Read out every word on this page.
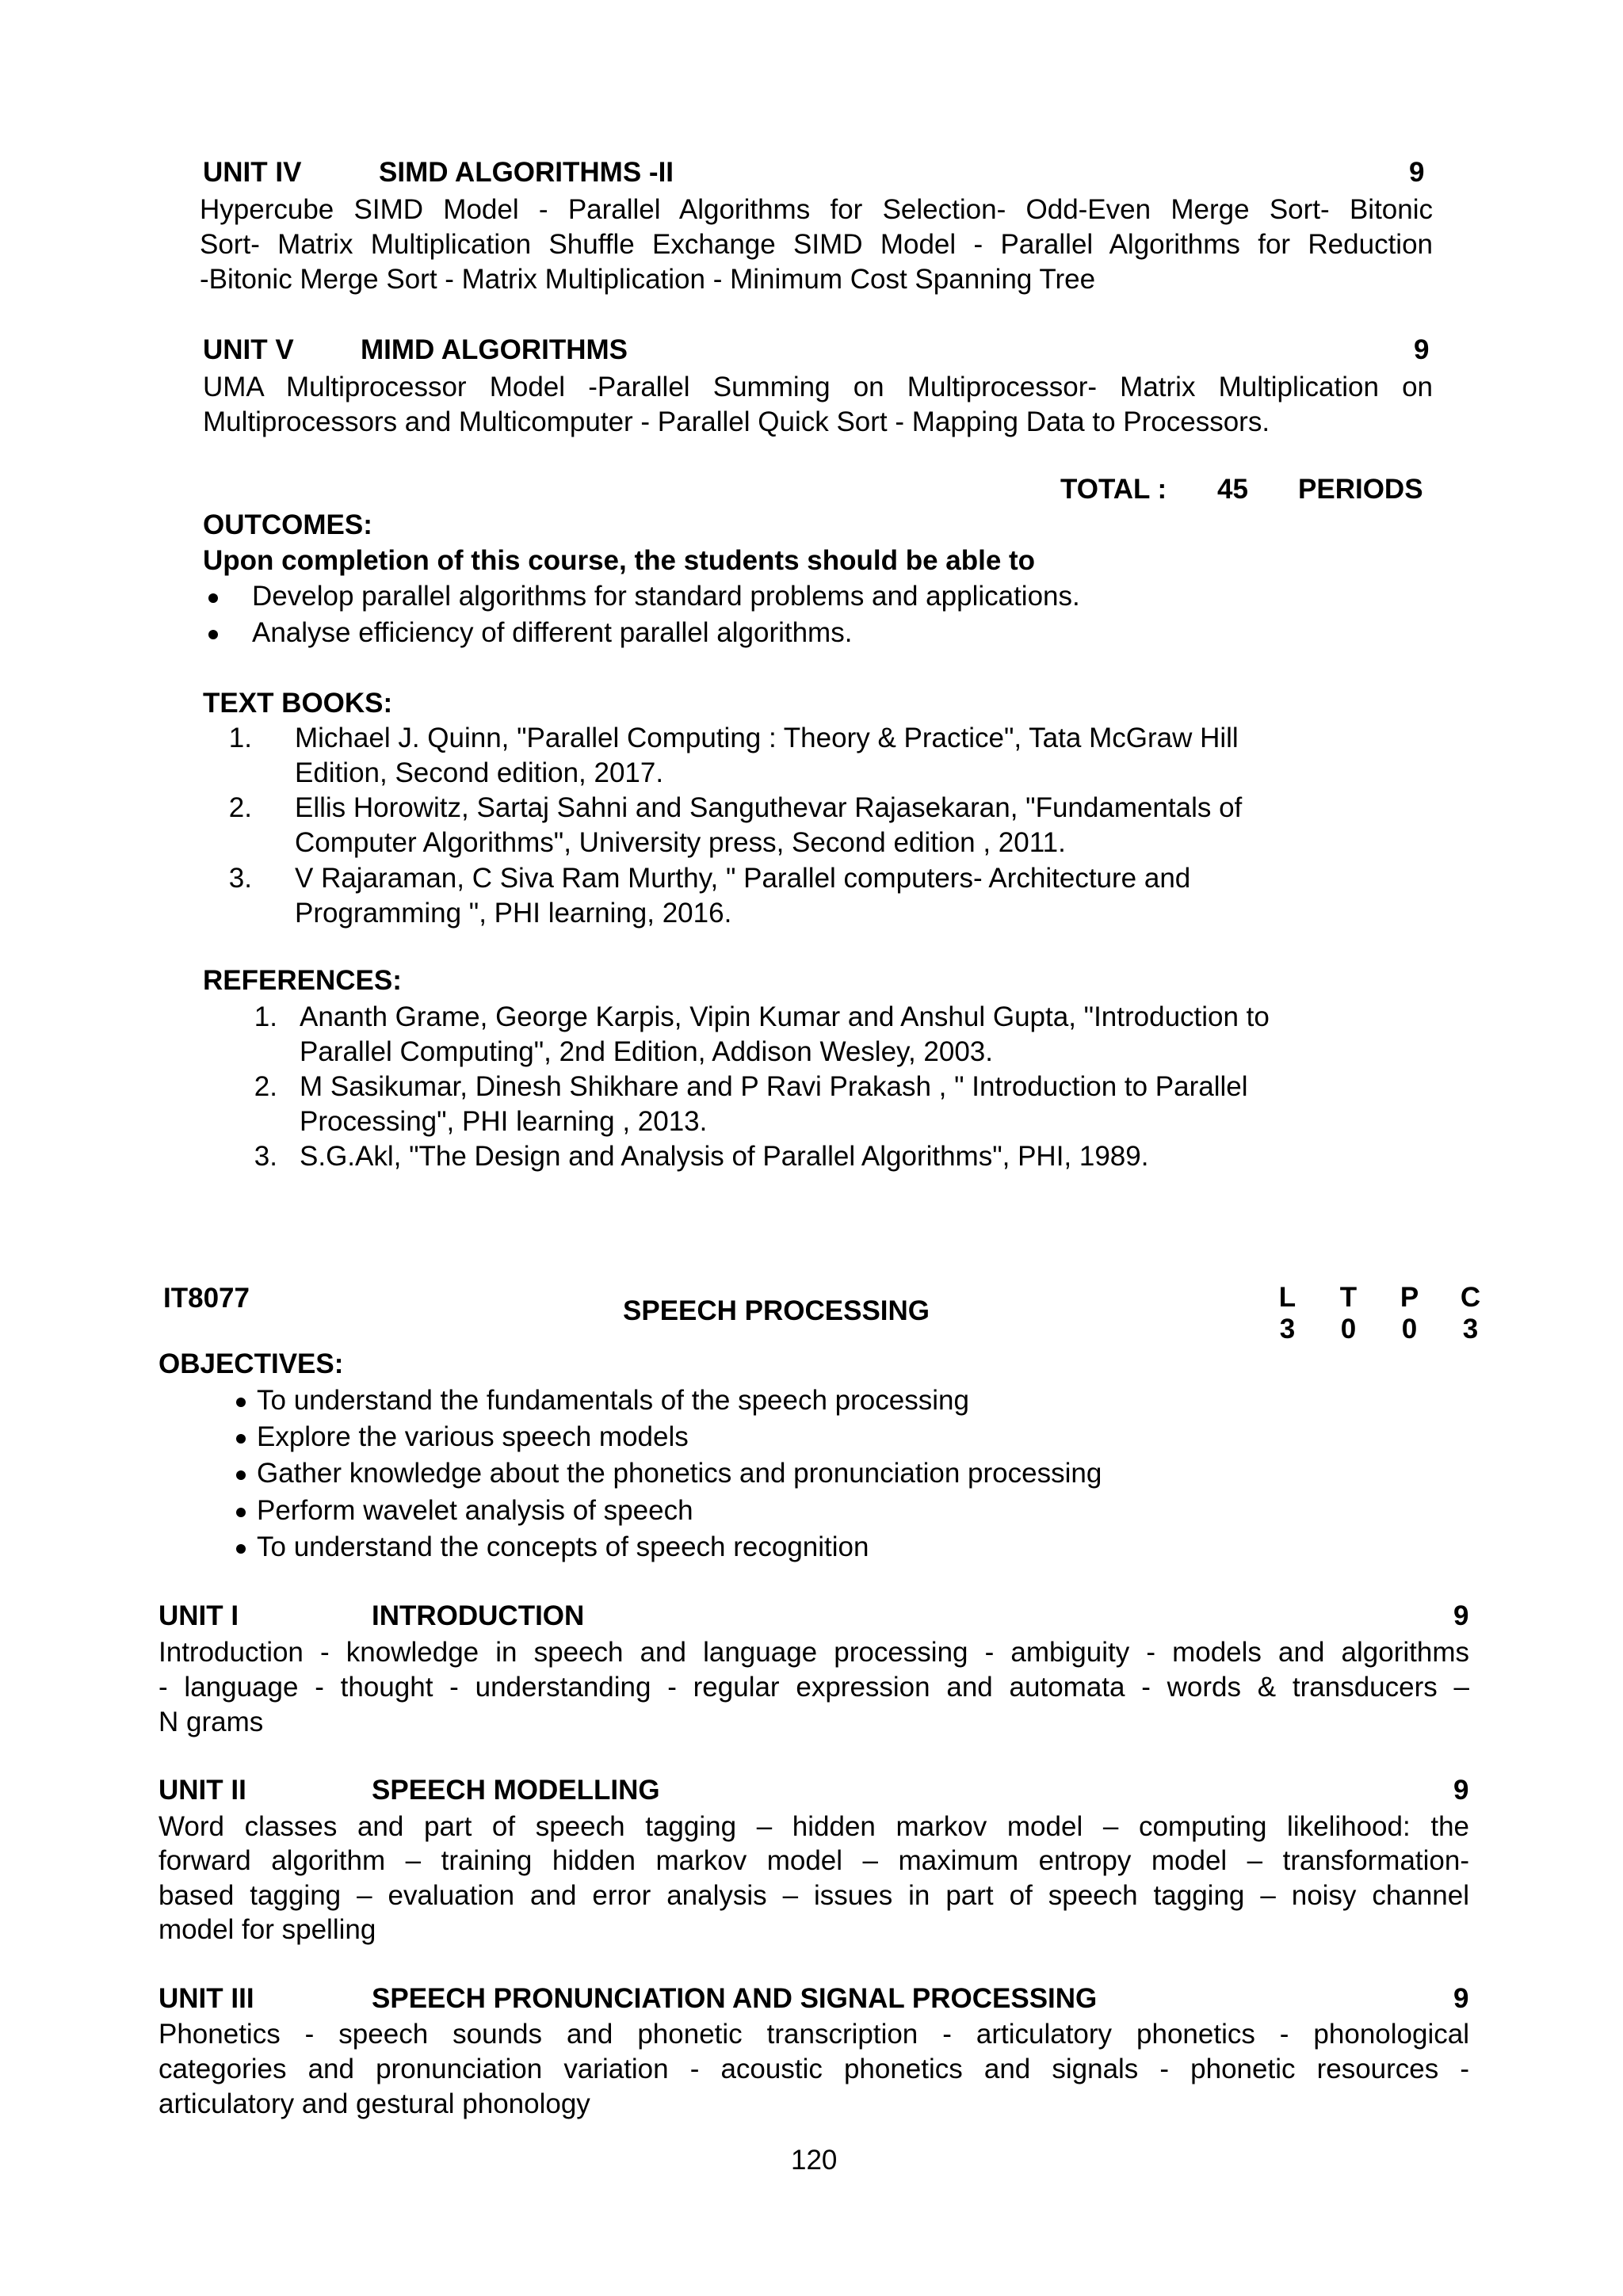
UNIT IV	SIMD ALGORITHMS -II	9
Hypercube SIMD Model - Parallel Algorithms for Selection- Odd-Even Merge Sort- Bitonic
Sort- Matrix Multiplication Shuffle Exchange SIMD Model - Parallel Algorithms for Reduction
-Bitonic Merge Sort - Matrix Multiplication - Minimum Cost Spanning Tree
UNIT V MIMD ALGORITHMS	9
UMA Multiprocessor Model -Parallel Summing on Multiprocessor- Matrix Multiplication on
Multiprocessors and Multicomputer - Parallel Quick Sort - Mapping Data to Processors.
TOTAL : 45 PERIODS
OUTCOMES:
Upon completion of this course, the students should be able to
Develop parallel algorithms for standard problems and applications.
Analyse efficiency of different parallel algorithms.
TEXT BOOKS:
1. Michael J. Quinn, "Parallel Computing : Theory & Practice", Tata McGraw Hill
Edition, Second edition, 2017.
2. Ellis Horowitz, Sartaj Sahni and Sanguthevar Rajasekaran, "Fundamentals of
Computer Algorithms", University press, Second edition , 2011.
3. V Rajaraman, C Siva Ram Murthy, " Parallel computers- Architecture and
Programming ", PHI learning, 2016.
REFERENCES:
1. Ananth Grame, George Karpis, Vipin Kumar and Anshul Gupta, "Introduction to
Parallel Computing", 2nd Edition, Addison Wesley, 2003.
2. M Sasikumar, Dinesh Shikhare and P Ravi Prakash , " Introduction to Parallel
Processing", PHI learning , 2013.
3. S.G.Akl, "The Design and Analysis of Parallel Algorithms", PHI, 1989.
IT8077	SPEECH PROCESSING	L T P C
3 0 0 3
OBJECTIVES:
To understand the fundamentals of the speech processing
Explore the various speech models
Gather knowledge about the phonetics and pronunciation processing
Perform wavelet analysis of speech
To understand the concepts of speech recognition
UNIT I	INTRODUCTION	9
Introduction - knowledge in speech and language processing - ambiguity - models and algorithms
- language - thought - understanding - regular expression and automata - words & transducers –
N grams
UNIT II	SPEECH MODELLING	9
Word classes and part of speech tagging – hidden markov model – computing likelihood: the
forward algorithm – training hidden markov model – maximum entropy model – transformation-
based tagging – evaluation and error analysis – issues in part of speech tagging – noisy channel
model for spelling
UNIT III	SPEECH PRONUNCIATION AND SIGNAL PROCESSING	9
Phonetics - speech sounds and phonetic transcription - articulatory phonetics - phonological
categories and pronunciation variation - acoustic phonetics and signals - phonetic resources -
articulatory and gestural phonology
120
